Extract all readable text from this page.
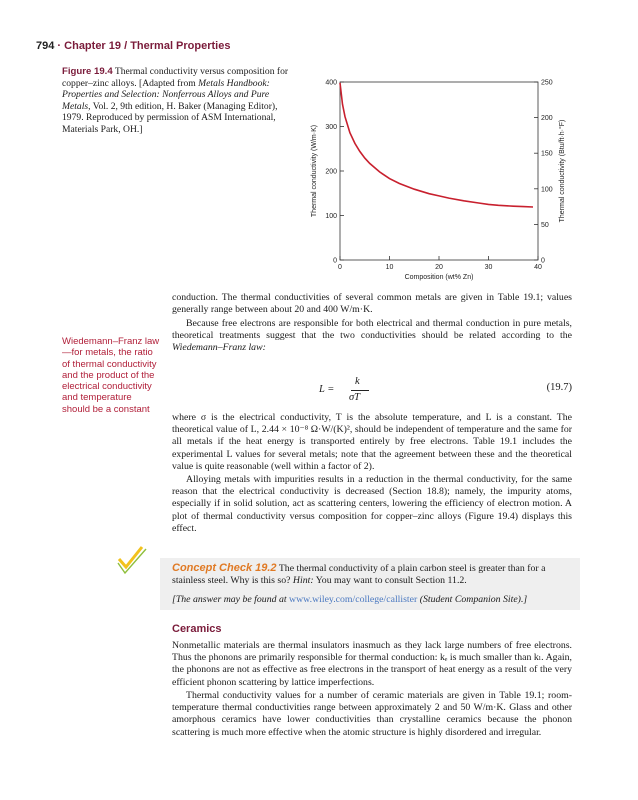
794 · Chapter 19 / Thermal Properties
Figure 19.4 Thermal conductivity versus composition for copper–zinc alloys. [Adapted from Metals Handbook: Properties and Selection: Nonferrous Alloys and Pure Metals, Vol. 2, 9th edition, H. Baker (Managing Editor), 1979. Reproduced by permission of ASM International, Materials Park, OH.]
0
100
200
300
400
0
50
100
150
200
250
0	10	20	30	40
Composition (wt% Zn)
Thermal conductivity (W/m·K)	Thermal conductivity (Btu/ft·h·°F)

conduction. The thermal conductivities of several common metals are given in Table 19.1; values generally range between about 20 and 400 W/m·K.

Because free electrons are responsible for both electrical and thermal conduction in pure metals, theoretical treatments suggest that the two conductivities should be related according to the Wiedemann–Franz law:

Wiedemann–Franz law—for metals, the ratio of thermal conductivity and the product of the electrical conductivity and temperature should be a constant
L =
k
σT
(19.7)

where σ is the electrical conductivity, T is the absolute temperature, and L is a constant. The theoretical value of L, 2.44 × 10⁻⁸ Ω·W/(K)², should be independent of temperature and the same for all metals if the heat energy is transported entirely by free electrons. Table 19.1 includes the experimental L values for several metals; note that the agreement between these and the theoretical value is quite reasonable (well within a factor of 2).

Alloying metals with impurities results in a reduction in the thermal conductivity, for the same reason that the electrical conductivity is decreased (Section 18.8); namely, the impurity atoms, especially if in solid solution, act as scattering centers, lowering the efficiency of electron motion. A plot of thermal conductivity versus composition for copper–zinc alloys (Figure 19.4) displays this effect.

Concept Check 19.2 The thermal conductivity of a plain carbon steel is greater than for a stainless steel. Why is this so? Hint: You may want to consult Section 11.2.
[The answer may be found at www.wiley.com/college/callister (Student Companion Site).]
Ceramics

Nonmetallic materials are thermal insulators inasmuch as they lack large numbers of free electrons. Thus the phonons are primarily responsible for thermal conduction: kₑ is much smaller than kₗ. Again, the phonons are not as effective as free electrons in the transport of heat energy as a result of the very efficient phonon scattering by lattice imperfections.

Thermal conductivity values for a number of ceramic materials are given in Table 19.1; room-temperature thermal conductivities range between approximately 2 and 50 W/m·K. Glass and other amorphous ceramics have lower conductivities than crystalline ceramics because the phonon scattering is much more effective when the atomic structure is highly disordered and irregular.
